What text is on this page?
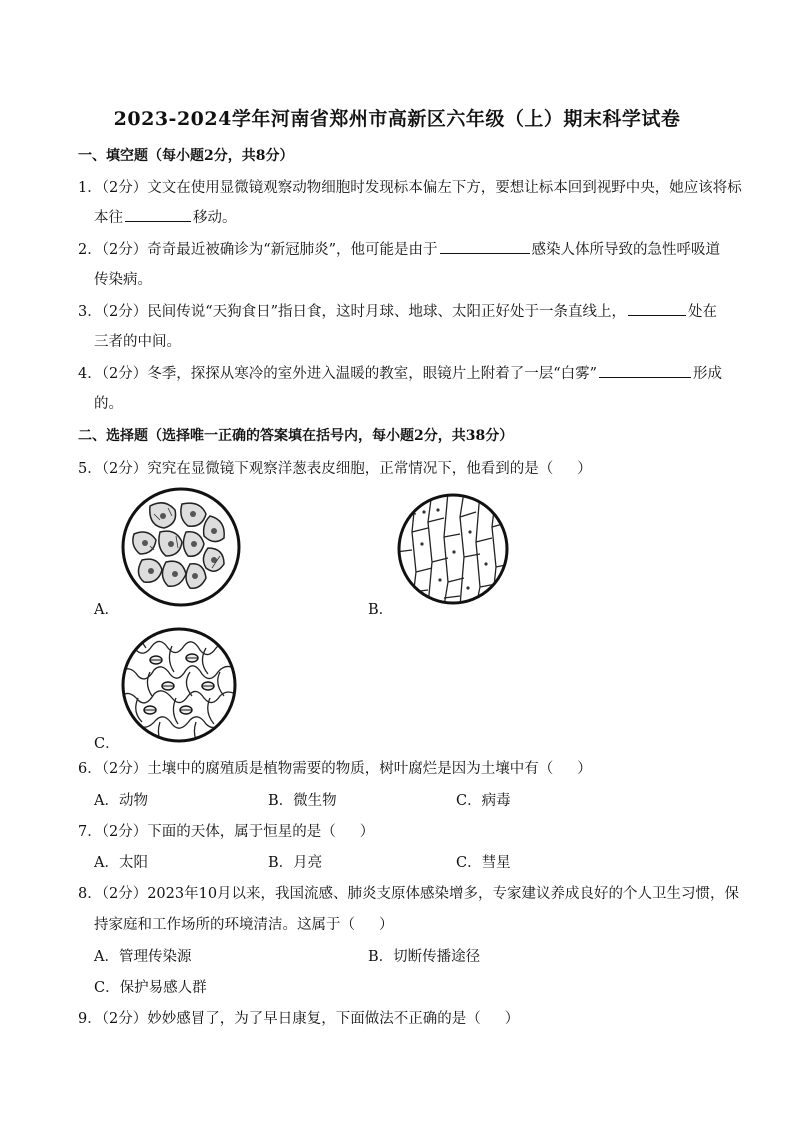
2023-2024学年河南省郑州市高新区六年级（上）期末科学试卷
一、填空题（每小题2分，共8分）
1．（2分）文文在使用显微镜观察动物细胞时发现标本偏左下方，要想让标本回到视野中央，她应该将标
本往	移动。
2．（2分）奇奇最近被确诊为“新冠肺炎”，他可能是由于	感染人体所导致的急性呼吸道
传染病。
3．（2分）民间传说“天狗食日”指日食，这时月球、地球、太阳正好处于一条直线上，	处在
三者的中间。
4．（2分）冬季，探探从寒冷的室外进入温暖的教室，眼镜片上附着了一层“白雾”	形成
的。
二、选择题（选择唯一正确的答案填在括号内，每小题2分，共38分）
5．（2分）究究在显微镜下观察洋葱表皮细胞，正常情况下，他看到的是（ ）
A．	B．
C．
6．（2分）土壤中的腐殖质是植物需要的物质，树叶腐烂是因为土壤中有（ ）
A．动物	B．微生物	C．病毒
7．（2分）下面的天体，属于恒星的是（ ）
A．太阳	B．月亮	C．彗星
8．（2分）2023年10月以来，我国流感、肺炎支原体感染增多，专家建议养成良好的个人卫生习惯，保
持家庭和工作场所的环境清洁。这属于（ ）
A．管理传染源	B．切断传播途径
C．保护易感人群
9．（2分）妙妙感冒了，为了早日康复，下面做法不正确的是（ ）
